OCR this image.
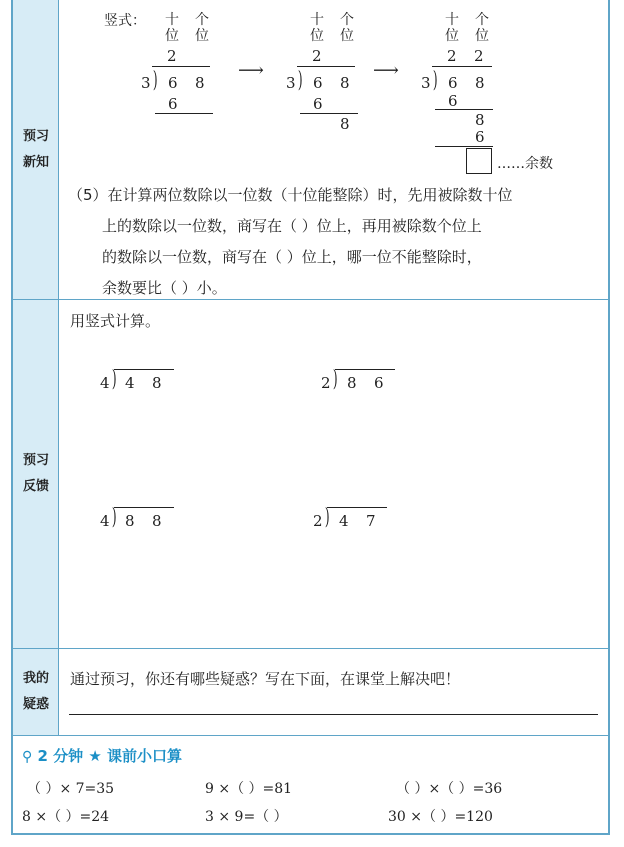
预习
新知
预习
反馈
我的
疑惑
竖式： 十
位
个
位
十
位
个
位
十
位
个
位
2
3 ) 6 8
6
⟶
2
3 ) 6 8
6
8
⟶
2 2
3 ) 6 8
6
8
6
……余数
（5）在计算两位数除以一位数（十位能整除）时，先用被除数十位
上的数除以一位数，商写在（ ）位上，再用被除数个位上
的数除以一位数，商写在（ ）位上，哪一位不能整除时，
余数要比（ ）小。
用竖式计算。
4 ) 4 8	2 ) 8 6
4 ) 8 8	2 ) 4 7
通过预习，你还有哪些疑惑？写在下面，在课堂上解决吧！
⚲ 2 分钟 ★ 课前小口算
（ ）× 7=35	9 ×（ ）=81	（ ）×（ ）=36
8 ×（ ）=24	3 × 9=（ ）	30 ×（ ）=120
